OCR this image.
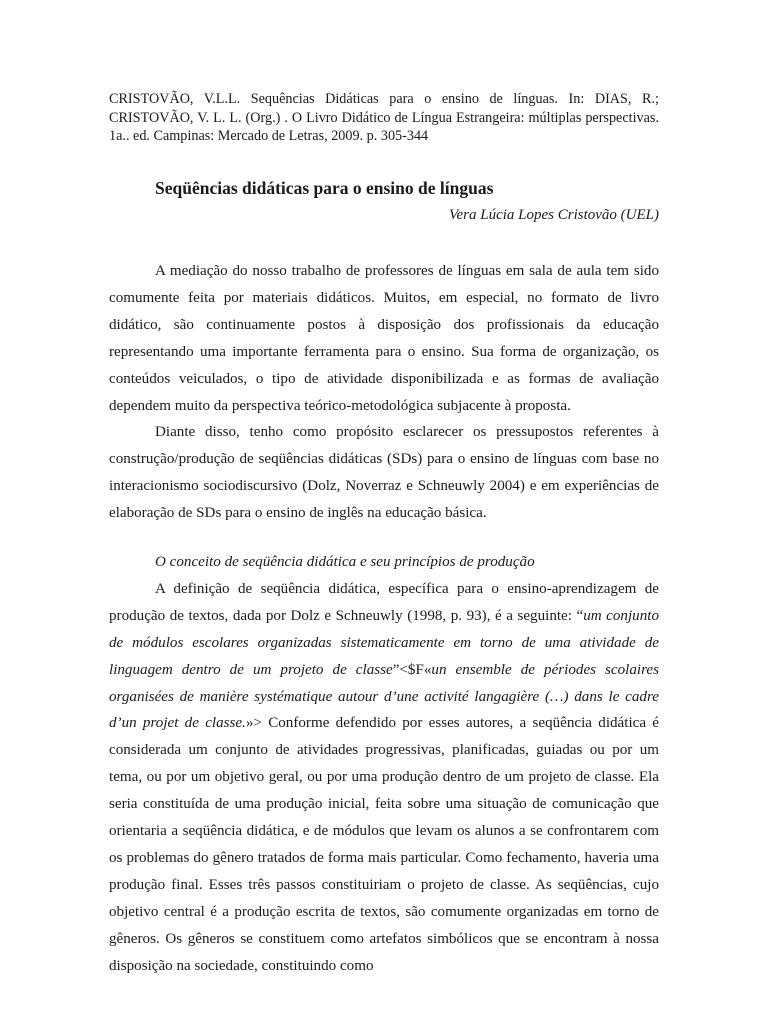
CRISTOVÃO, V.L.L. Sequências Didáticas para o ensino de línguas. In: DIAS, R.; CRISTOVÃO, V. L. L. (Org.) . O Livro Didático de Língua Estrangeira: múltiplas perspectivas. 1a.. ed. Campinas: Mercado de Letras, 2009. p. 305-344

Seqüências didáticas para o ensino de línguas
Vera Lúcia Lopes Cristovão (UEL)

A mediação do nosso trabalho de professores de línguas em sala de aula tem sido comumente feita por materiais didáticos. Muitos, em especial, no formato de livro didático, são continuamente postos à disposição dos profissionais da educação representando uma importante ferramenta para o ensino. Sua forma de organização, os conteúdos veiculados, o tipo de atividade disponibilizada e as formas de avaliação dependem muito da perspectiva teórico-metodológica subjacente à proposta.

Diante disso, tenho como propósito esclarecer os pressupostos referentes à construção/produção de seqüências didáticas (SDs) para o ensino de línguas com base no interacionismo sociodiscursivo (Dolz, Noverraz e Schneuwly 2004) e em experiências de elaboração de SDs para o ensino de inglês na educação básica.

O conceito de seqüência didática e seu princípios de produção

A definição de seqüência didática, específica para o ensino-aprendizagem de produção de textos, dada por Dolz e Schneuwly (1998, p. 93), é a seguinte: “um conjunto de módulos escolares organizadas sistematicamente em torno de uma atividade de linguagem dentro de um projeto de classe”<$F«un ensemble de périodes scolaires organisées de manière systématique autour d’une activité langagière (…) dans le cadre d’un projet de classe.»> Conforme defendido por esses autores, a seqüência didática é considerada um conjunto de atividades progressivas, planificadas, guiadas ou por um tema, ou por um objetivo geral, ou por uma produção dentro de um projeto de classe. Ela seria constituída de uma produção inicial, feita sobre uma situação de comunicação que orientaria a seqüência didática, e de módulos que levam os alunos a se confrontarem com os problemas do gênero tratados de forma mais particular. Como fechamento, haveria uma produção final. Esses três passos constituiriam o projeto de classe. As seqüências, cujo objetivo central é a produção escrita de textos, são comumente organizadas em torno de gêneros. Os gêneros se constituem como artefatos simbólicos que se encontram à nossa disposição na sociedade, constituindo como
